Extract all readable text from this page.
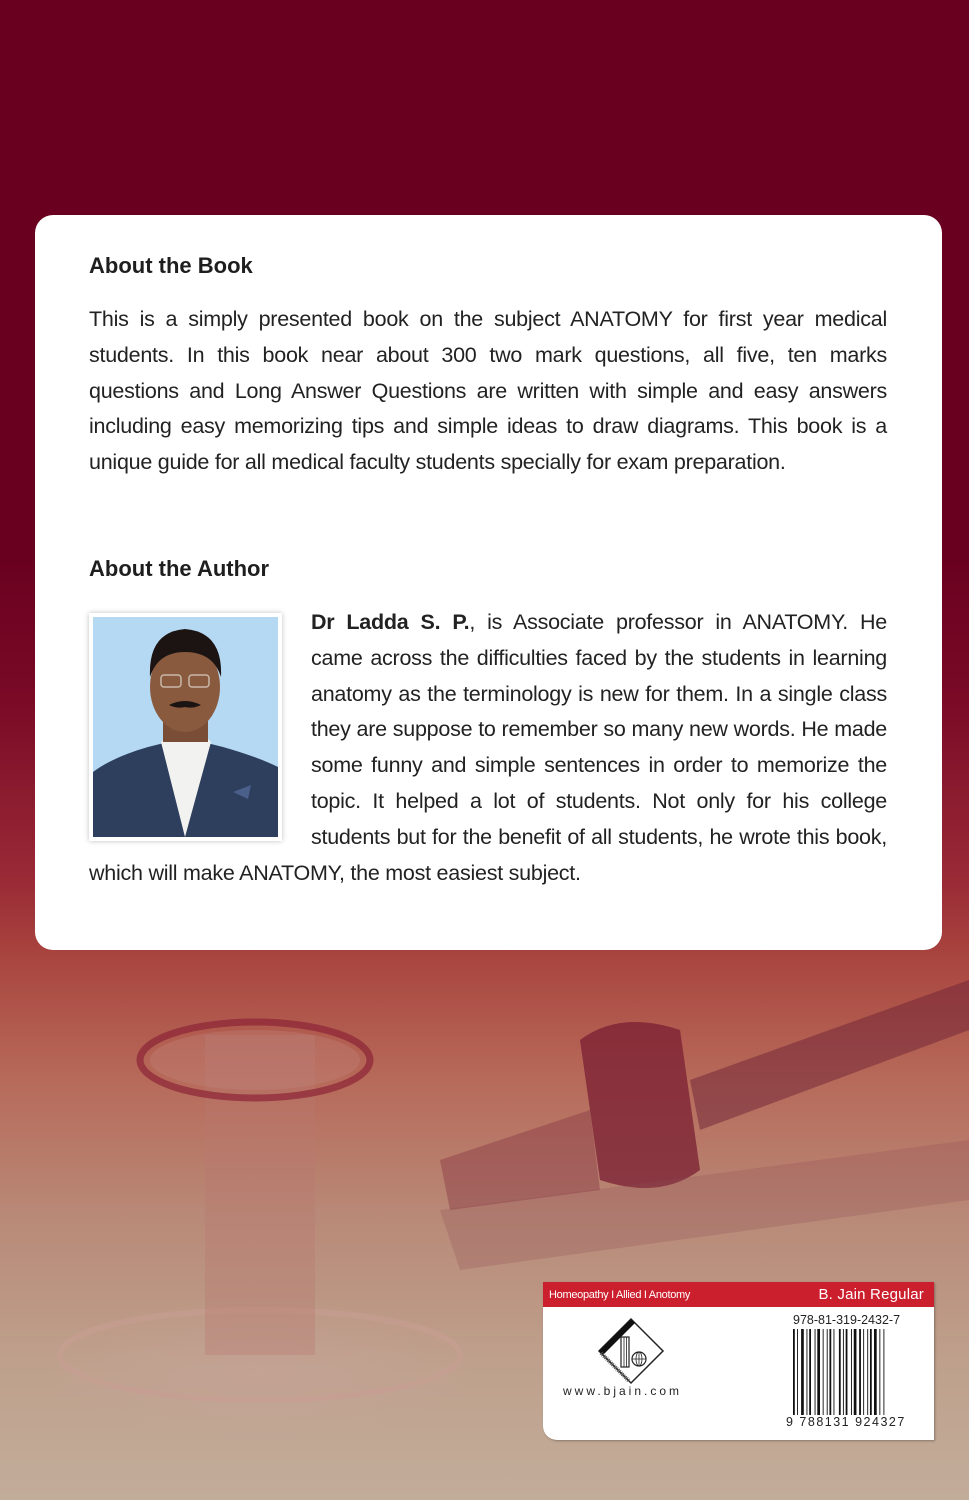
About the Book

This is a simply presented book on the subject ANATOMY for first year medical students. In this book near about 300 two mark questions, all five, ten marks questions and Long Answer Questions are written with simple and easy answers including easy memorizing tips and simple ideas to draw diagrams. This book is a unique guide for all medical faculty students specially for exam preparation.

About the Author

Dr Ladda S. P., is Associate professor in ANATOMY. He came across the difficulties faced by the students in learning anatomy as the terminology is new for them. In a single class they are suppose to remember so many new words. He made some funny and simple sentences in order to memorize the topic. It helped a lot of students. Not only for his college students but for the benefit of all students, he wrote this book, which will make ANATOMY, the most easiest subject.

Homeopathy I Allied I Anotomy	B. Jain Regular
www.bjain.com
978-81-319-2432-7
9 788131 924327
